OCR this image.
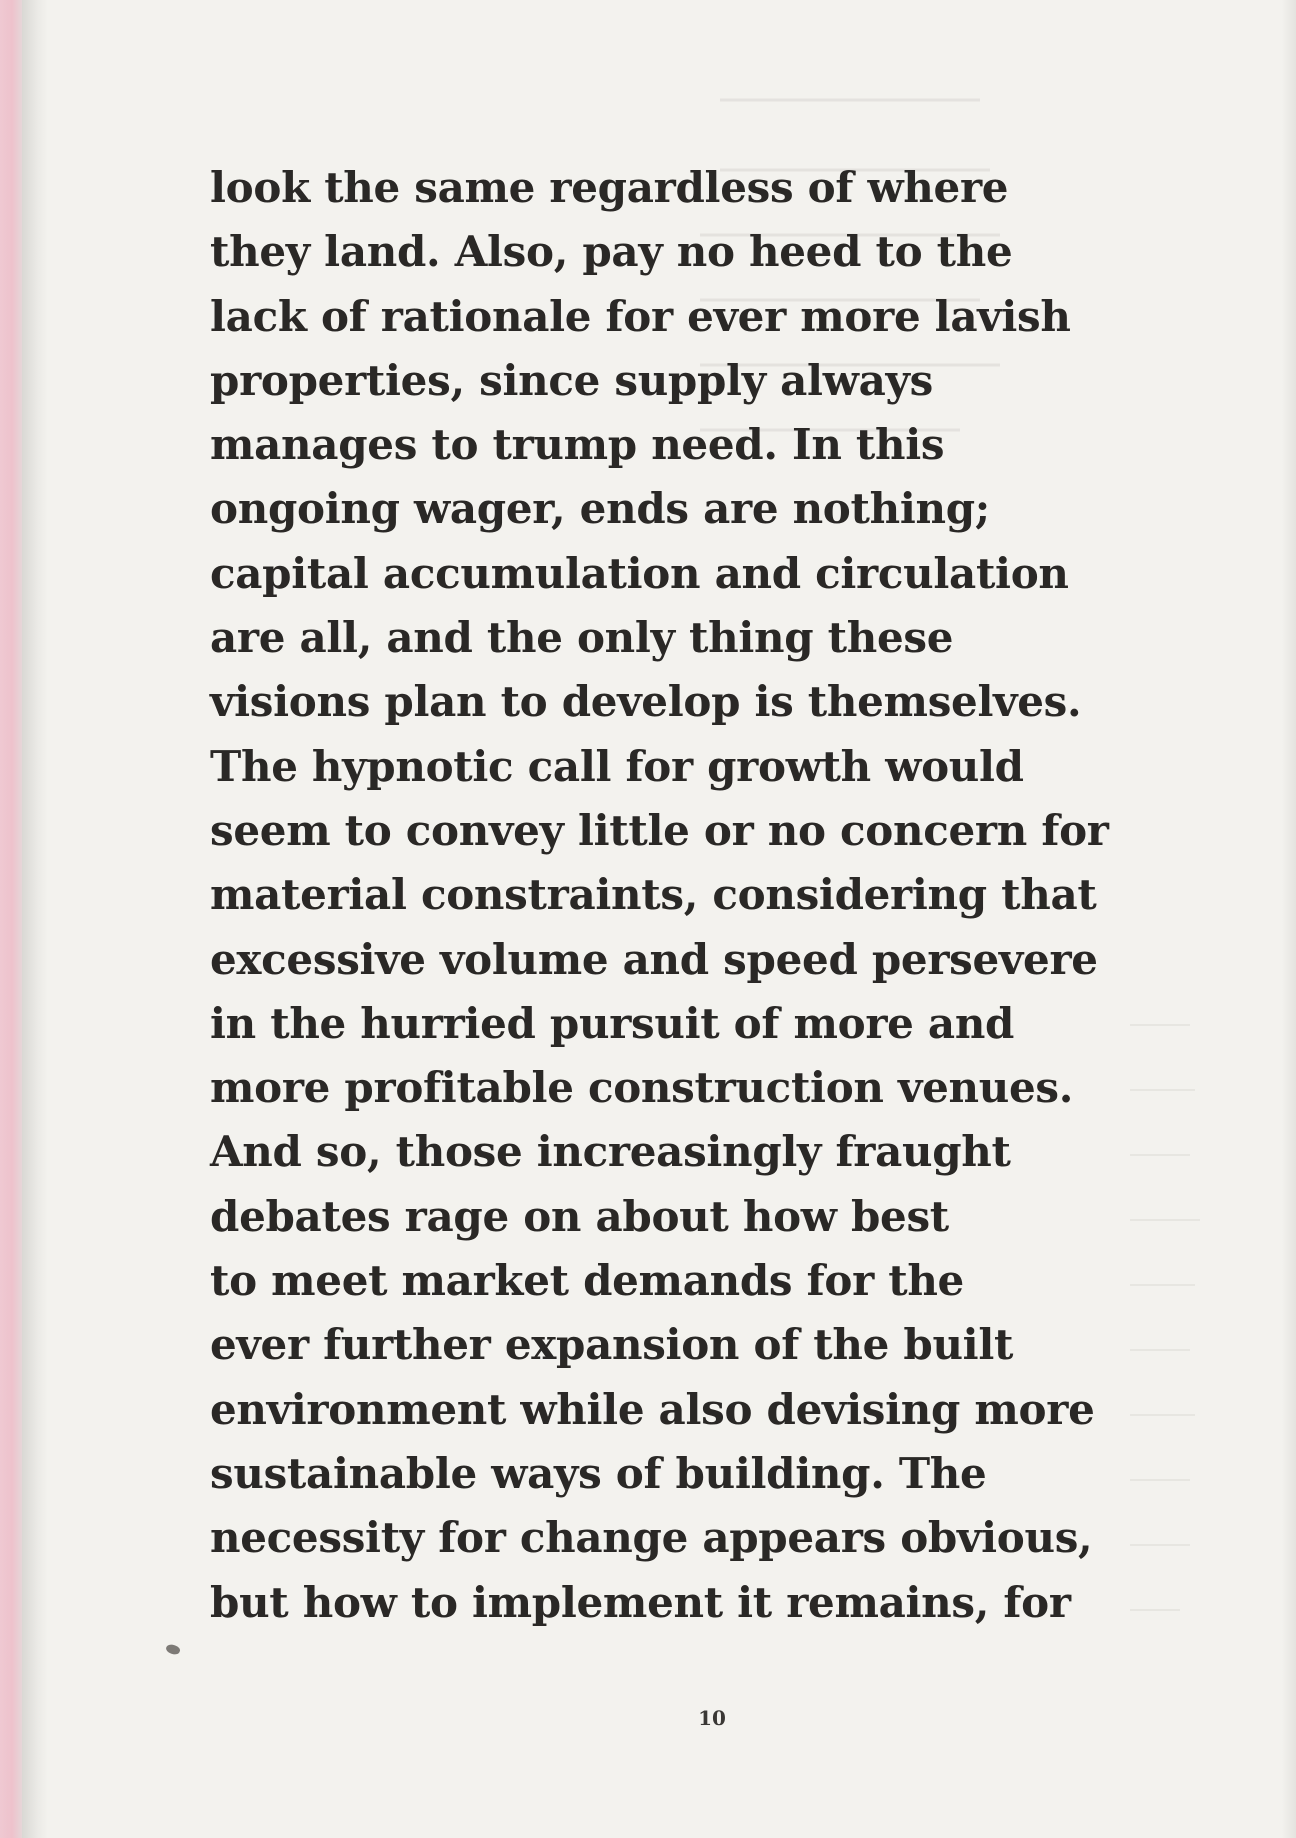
look the same regardless of where
they land. Also, pay no heed to the
lack of rationale for ever more lavish
properties, since supply always
manages to trump need. In this
ongoing wager, ends are nothing;
capital accumulation and circulation
are all, and the only thing these
visions plan to develop is themselves.
The hypnotic call for growth would
seem to convey little or no concern for
material constraints, considering that
excessive volume and speed persevere
in the hurried pursuit of more and
more profitable construction venues.
And so, those increasingly fraught
debates rage on about how best
to meet market demands for the
ever further expansion of the built
environment while also devising more
sustainable ways of building. The
necessity for change appears obvious,
but how to implement it remains, for
10
